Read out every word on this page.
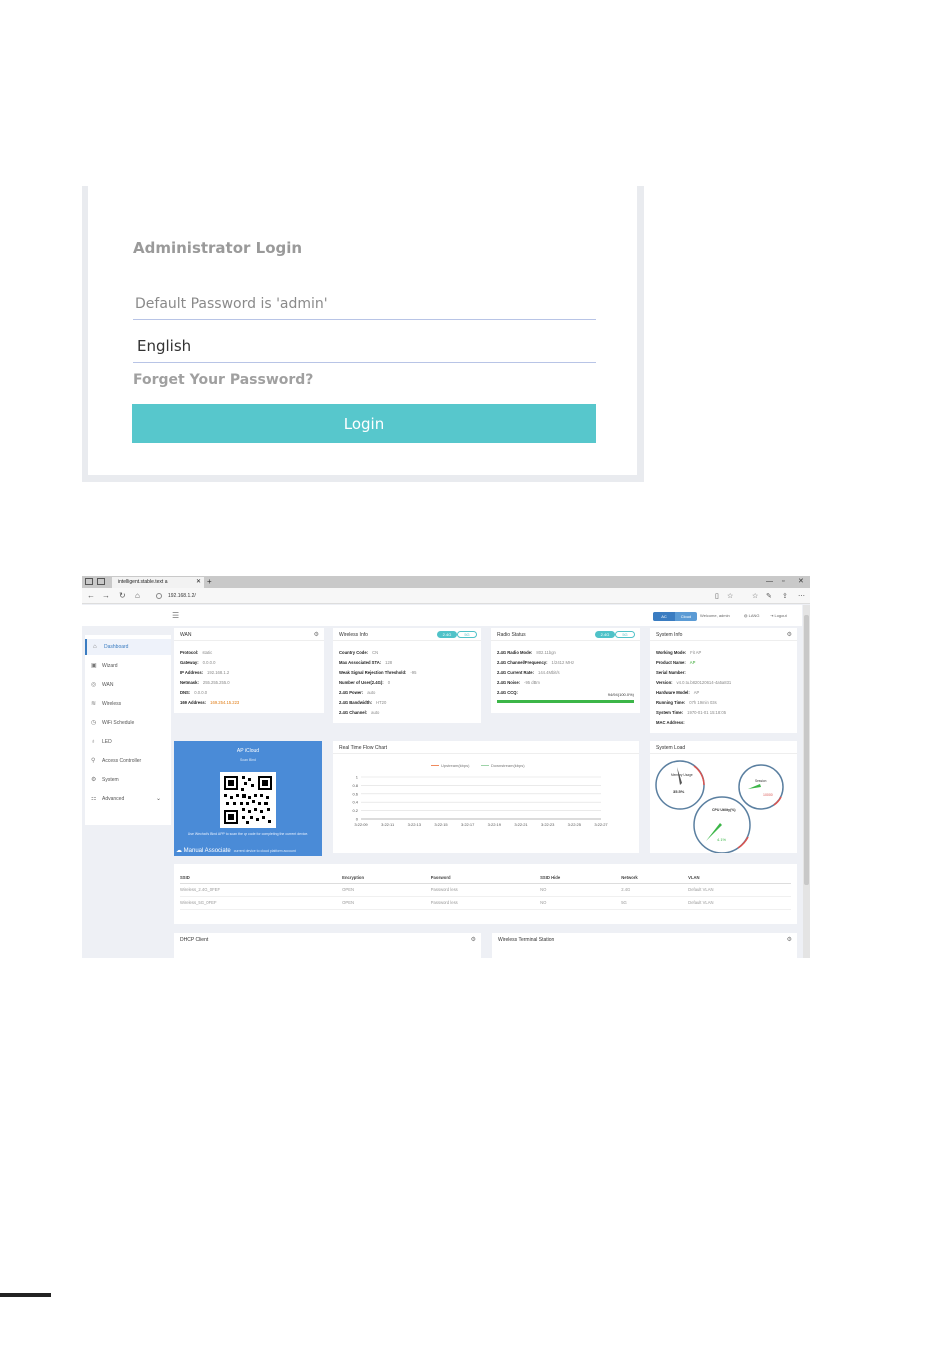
Administrator Login
English
Forget Your Password?
Login
intelligent.stable.text a	✕ +	— ▫ ✕
← → ↻ ⌂	192.168.1.2/	▯ ☆	☆ ✎ ⇪ ⋯
☰	AC	Cloud	Welcome, admin	◍ LANG	⇥ Logout
⌂ Dashboard
▣ Wizard
◎ WAN
≋ Wireless
◷ WiFi Schedule
♁ LED
⚲ Access Controller
⚙ System
⚏ Advanced	⌄
WAN	⚙
Protocol: static
Gateway: 0.0.0.0
IP Address: 192.168.1.2
Netmask: 255.255.255.0
DNS: 0.0.0.0
169 Address: 169.254.15.223
Wireless Info	2.4G	5G
Country Code: CN
Max Associated STA: 128
Weak Signal Rejection Threshold: -95
Number of User(2.4G): 0
2.4G Power: auto
2.4G Bandwidth: HT20
2.4G Channel: auto
Radio Status	2.4G	5G
2.4G Radio Mode: 802.11bgn
2.4G Channel/Frequency: 1/2412 MHz
2.4G Current Rate: 144.4Mbit/s
2.4G Noise: -95 dBm
2.4G CCQ:	94/94(100.0%)
System Info	⚙
Working Mode: Fit AP
Product Name: AP
Serial Number:
Version: v4.0.tu.b820120614-4a5a831
Hardware Model: AP
Running Time: 07h 19min 03s
System Time: 1970-01-01 15:18:05
MAC Address:
AP iCloud
Scan Bind
Use Wechat's Bind APP to scan the qr code for completing the current device.
☁ Manual Associate current device to cloud platform account
Real Time Flow Chart
Upstream(kbps)	Downstream(kbps)
1
0.8
0.6
0.4
0.2
0
3:22:09	3:22:11	3:22:13	3:22:15	3:22:17	3:22:19	3:22:21	3:22:23	3:22:25	3:22:27
System Load
Memory Usage
35.5%
Session
10000
CPU Utility(%)
4.1%
SSID	Encryption	Password	SSID Hide	Network	VLAN
Wireless_2.4G_0FEF	OPEN	Password less	NO	2.4G	Default VLAN
Wireless_5G_0FEF	OPEN	Password less	NO	5G	Default VLAN
DHCP Client	⚙	Wireless Terminal Station	⚙
